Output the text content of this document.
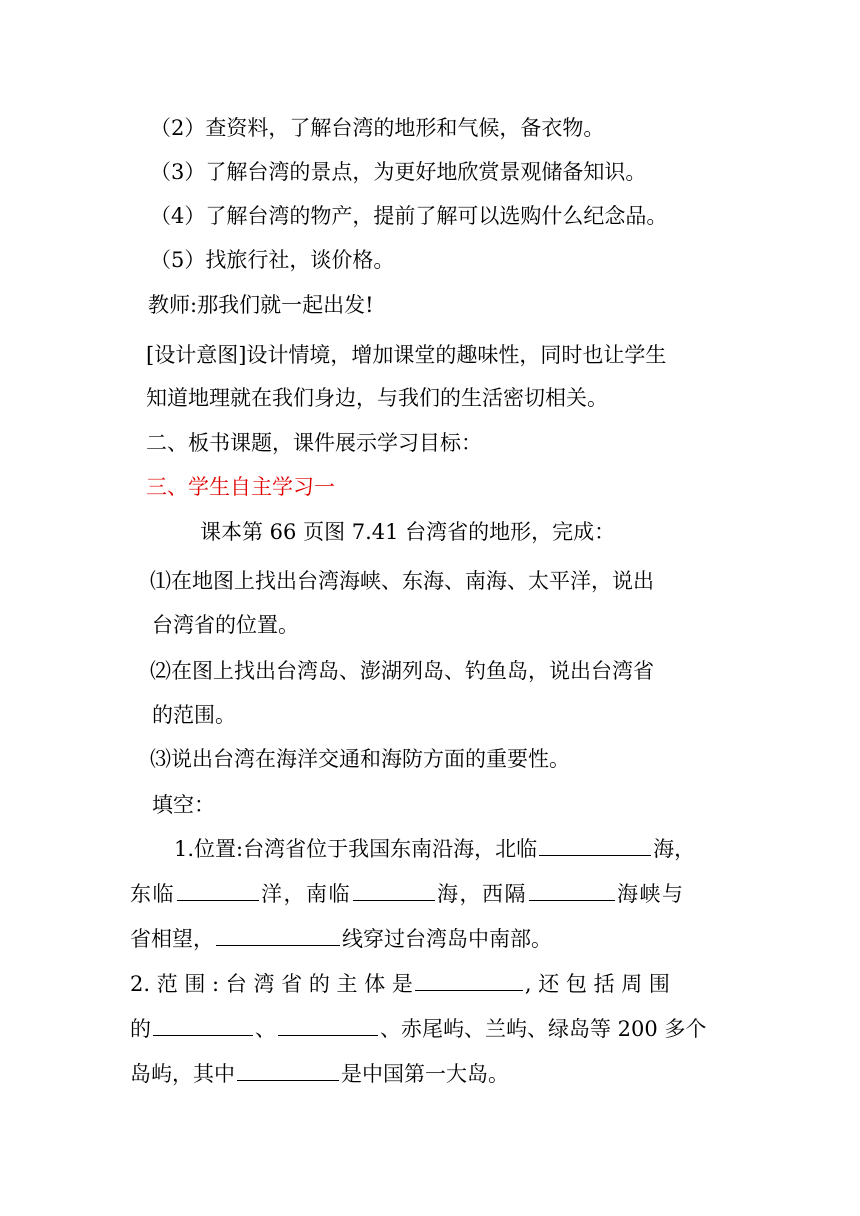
（2）查资料，了解台湾的地形和气候，备衣物。
（3）了解台湾的景点，为更好地欣赏景观储备知识。
（4）了解台湾的物产，提前了解可以选购什么纪念品。
（5）找旅行社，谈价格。
教师:那我们就一起出发!
[设计意图]设计情境，增加课堂的趣味性，同时也让学生
知道地理就在我们身边，与我们的生活密切相关。
二、板书课题，课件展示学习目标：
三、学生自主学习一
课本第 66 页图 7.41 台湾省的地形，完成：
⑴在地图上找出台湾海峡、东海、南海、太平洋，说出
台湾省的位置。
⑵在图上找出台湾岛、澎湖列岛、钓鱼岛，说出台湾省
的范围。
⑶说出台湾在海洋交通和海防方面的重要性。
填空：
1.位置:台湾省位于我国东南沿海，北临	海，
东临	洋，南临	海，西隔	海峡与
省相望，	线穿过台湾岛中南部。
2. 范 围 : 台 湾 省 的 主 体 是	, 还 包 括 周 围
的	、	、赤尾屿、兰屿、绿岛等 200 多个
岛屿，其中	是中国第一大岛。
